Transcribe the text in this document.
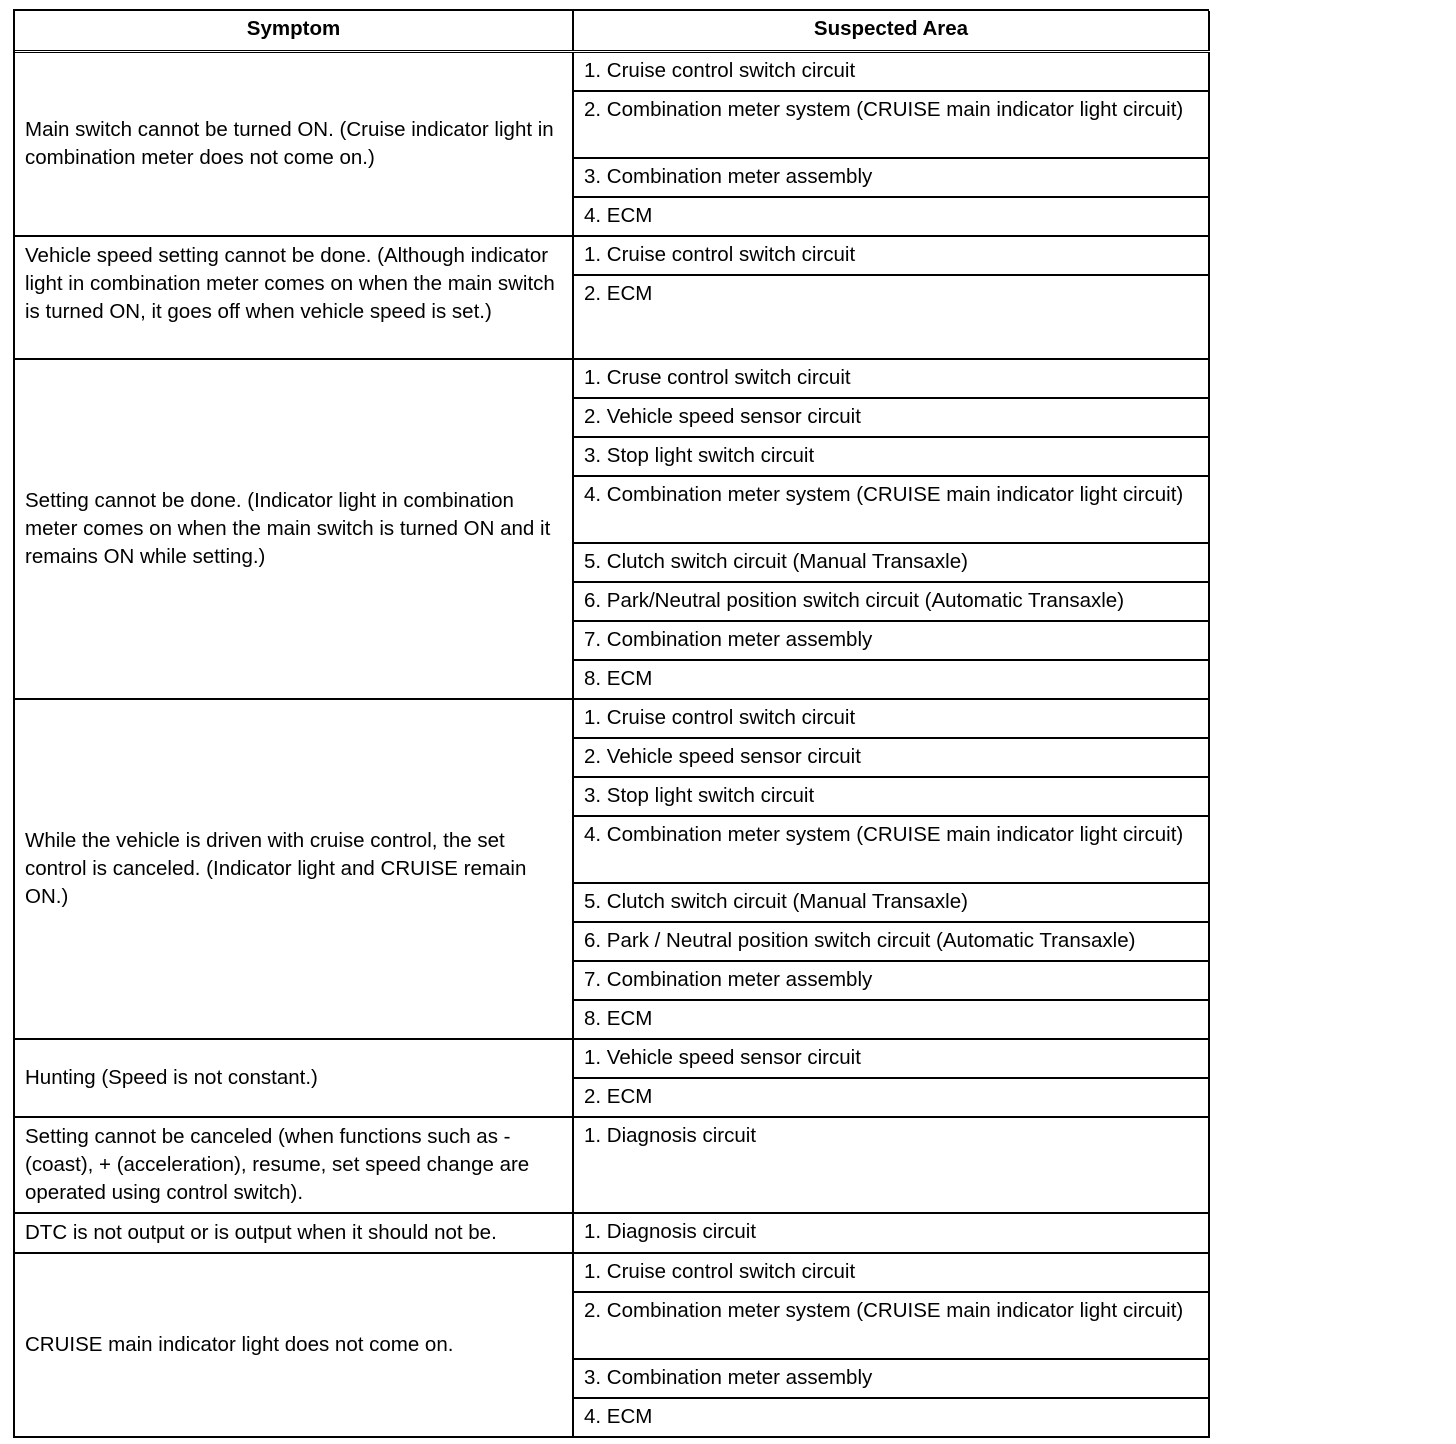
Symptom	Suspected Area
Main switch cannot be turned ON. (Cruise indicator light in combination meter does not come on.)	1. Cruise control switch circuit
	2. Combination meter system (CRUISE main indicator light circuit)
	3. Combination meter assembly
	4. ECM
Vehicle speed setting cannot be done. (Although indicator light in combination meter comes on when the main switch is turned ON, it goes off when vehicle speed is set.)	1. Cruise control switch circuit
	2. ECM
Setting cannot be done. (Indicator light in combination meter comes on when the main switch is turned ON and it remains ON while setting.)	1. Cruse control switch circuit
	2. Vehicle speed sensor circuit
	3. Stop light switch circuit
	4. Combination meter system (CRUISE main indicator light circuit)
	5. Clutch switch circuit (Manual Transaxle)
	6. Park/Neutral position switch circuit (Automatic Transaxle)
	7. Combination meter assembly
	8. ECM
While the vehicle is driven with cruise control, the set control is canceled. (Indicator light and CRUISE remain ON.)	1. Cruise control switch circuit
	2. Vehicle speed sensor circuit
	3. Stop light switch circuit
	4. Combination meter system (CRUISE main indicator light circuit)
	5. Clutch switch circuit (Manual Transaxle)
	6. Park / Neutral position switch circuit (Automatic Transaxle)
	7. Combination meter assembly
	8. ECM
Hunting (Speed is not constant.)	1. Vehicle speed sensor circuit
	2. ECM
Setting cannot be canceled (when functions such as - (coast), + (acceleration), resume, set speed change are operated using control switch).	1. Diagnosis circuit
DTC is not output or is output when it should not be.	1. Diagnosis circuit
CRUISE main indicator light does not come on.	1. Cruise control switch circuit
	2. Combination meter system (CRUISE main indicator light circuit)
	3. Combination meter assembly
	4. ECM
